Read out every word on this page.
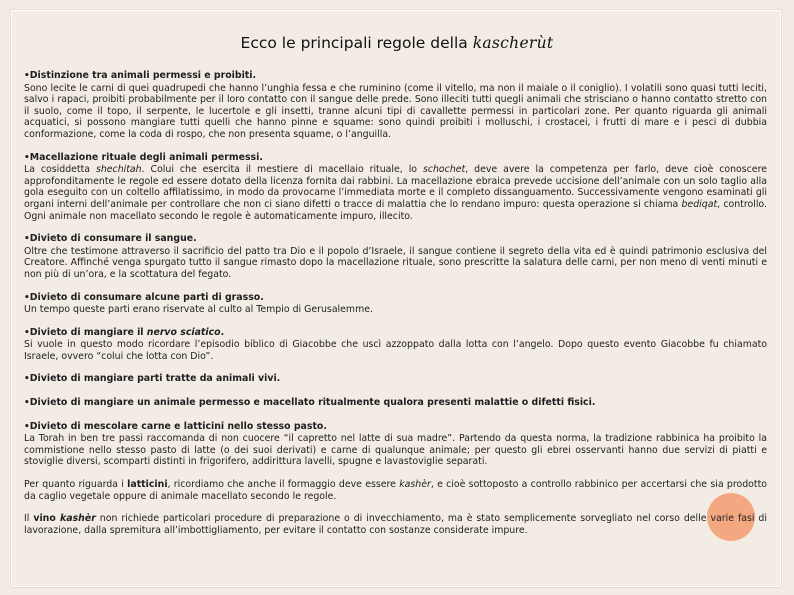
Ecco le principali regole della kascherùt
•Distinzione tra animali permessi e proibiti.
Sono lecite le carni di quei quadrupedi che hanno l’unghia fessa e che ruminino (come il vitello, ma non il maiale o il coniglio). I volatili sono quasi tutti leciti, salvo i rapaci, proibiti probabilmente per il loro contatto con il sangue delle prede. Sono illeciti tutti quegli animali che strisciano o hanno contatto stretto con il suolo, come il topo, il serpente, le lucertole e gli insetti, tranne alcuni tipi di cavallette permessi in particolari zone. Per quanto riguarda gli animali acquatici, si possono mangiare tutti quelli che hanno pinne e squame: sono quindi proibiti i molluschi, i crostacei, i frutti di mare e i pesci di dubbia conformazione, come la coda di rospo, che non presenta squame, o l’anguilla.
•Macellazione rituale degli animali permessi.
La cosiddetta shechitah. Colui che esercita il mestiere di macellaio rituale, lo schochet, deve avere la competenza per farlo, deve cioè conoscere approfonditamente le regole ed essere dotato della licenza fornita dai rabbini. La macellazione ebraica prevede uccisione dell’animale con un solo taglio alla gola eseguito con un coltello affilatissimo, in modo da provocarne l’immediata morte e il completo dissanguamento. Successivamente vengono esaminati gli organi interni dell’animale per controllare che non ci siano difetti o tracce di malattia che lo rendano impuro: questa operazione si chiama bediqat, controllo. Ogni animale non macellato secondo le regole è automaticamente impuro, illecito.
•Divieto di consumare il sangue.
Oltre che testimone attraverso il sacrificio del patto tra Dio e il popolo d’Israele, il sangue contiene il segreto della vita ed è quindi patrimonio esclusiva del Creatore. Affinché venga spurgato tutto il sangue rimasto dopo la macellazione rituale, sono prescritte la salatura delle carni, per non meno di venti minuti e non più di un’ora, e la scottatura del fegato.
•Divieto di consumare alcune parti di grasso.
Un tempo queste parti erano riservate al culto al Tempio di Gerusalemme.
•Divieto di mangiare il nervo sciatico.
Si vuole in questo modo ricordare l’episodio biblico di Giacobbe che uscì azzoppato dalla lotta con l’angelo. Dopo questo evento Giacobbe fu chiamato Israele, ovvero “colui che lotta con Dio”.
•Divieto di mangiare parti tratte da animali vivi.
•Divieto di mangiare un animale permesso e macellato ritualmente qualora presenti malattie o difetti fisici.
•Divieto di mescolare carne e latticini nello stesso pasto.
La Torah in ben tre passi raccomanda di non cuocere “il capretto nel latte di sua madre”. Partendo da questa norma, la tradizione rabbinica ha proibito la commistione nello stesso pasto di latte (o dei suoi derivati) e carne di qualunque animale; per questo gli ebrei osservanti hanno due servizi di piatti e stoviglie diversi, scomparti distinti in frigorifero, addirittura lavelli, spugne e lavastoviglie separati.
Per quanto riguarda i latticini, ricordiamo che anche il formaggio deve essere kashèr, e cioè sottoposto a controllo rabbinico per accertarsi che sia prodotto da caglio vegetale oppure di animale macellato secondo le regole.
Il vino kashèr non richiede particolari procedure di preparazione o di invecchiamento, ma è stato semplicemente sorvegliato nel corso delle varie fasi di lavorazione, dalla spremitura all’imbottigliamento, per evitare il contatto con sostanze considerate impure.
